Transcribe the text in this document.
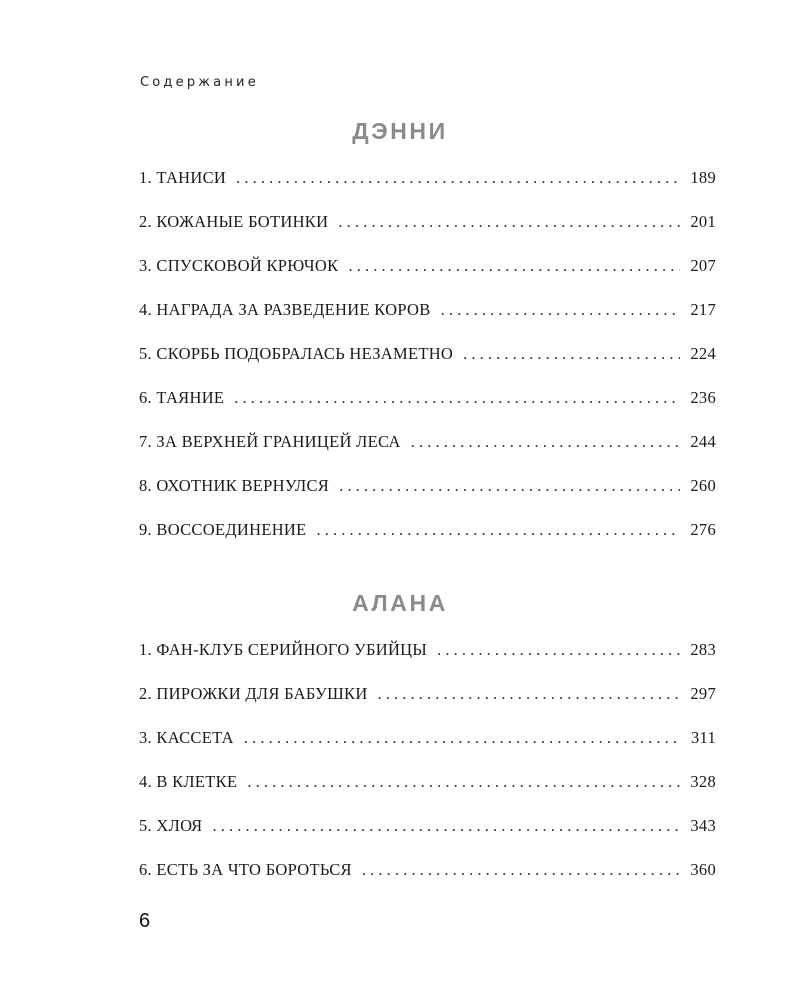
Содержание
ДЭННИ
1. ТАНИСИ . . .	189
2. КОЖАНЫЕ БОТИНКИ . . .	201
3. СПУСКОВОЙ КРЮЧОК . . .	207
4. НАГРАДА ЗА РАЗВЕДЕНИЕ КОРОВ . . .	217
5. СКОРБЬ ПОДОБРАЛАСЬ НЕЗАМЕТНО . . .	224
6. ТАЯНИЕ . . .	236
7. ЗА ВЕРХНЕЙ ГРАНИЦЕЙ ЛЕСА . . .	244
8. ОХОТНИК ВЕРНУЛСЯ . . .	260
9. ВОССОЕДИНЕНИЕ . . .	276
АЛАНА
1. ФАН-КЛУБ СЕРИЙНОГО УБИЙЦЫ . . .	283
2. ПИРОЖКИ ДЛЯ БАБУШКИ . . .	297
3. КАССЕТА . . .	311
4. В КЛЕТКЕ . . .	328
5. ХЛОЯ . . .	343
6. ЕСТЬ ЗА ЧТО БОРОТЬСЯ . . .	360
6
